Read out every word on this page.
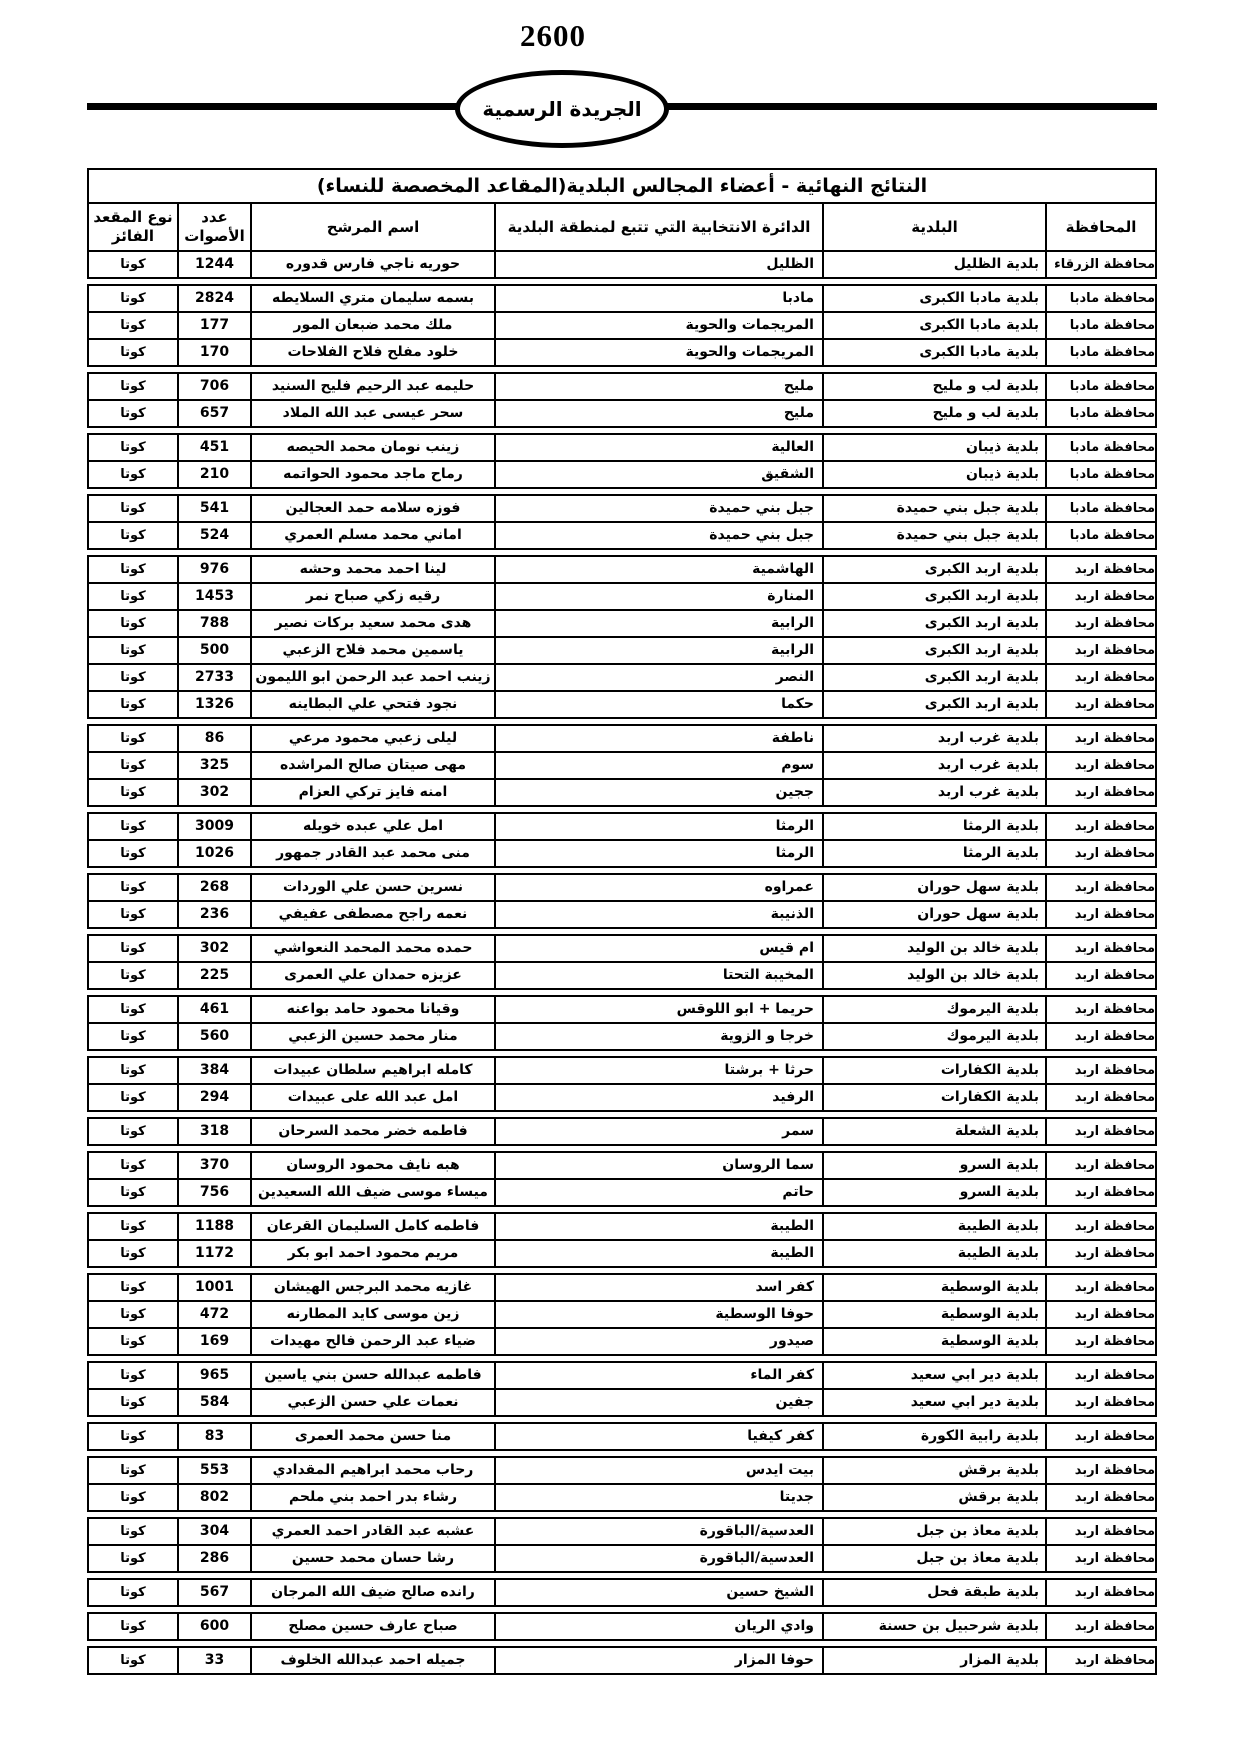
2600
الجريدة الرسمية
النتائج النهائية - أعضاء المجالس البلدية(المقاعد المخصصة للنساء)
المحافظة
البلدية
الدائرة الانتخابية التي تتبع لمنطقة البلدية
اسم المرشح
عدد الأصوات
نوع المقعد الفائز
محافظة الزرقاء
بلدية الظليل
الظليل
حوريه ناجي فارس قدوره
1244
كوتا
محافظة مادبا
بلدية مادبا الكبرى
مادبا
بسمه سليمان متري السلايطه
2824
كوتا
محافظة مادبا
بلدية مادبا الكبرى
المريجمات والحوية
ملك محمد ضبعان المور
177
كوتا
محافظة مادبا
بلدية مادبا الكبرى
المريجمات والحوية
خلود مفلح فلاح الفلاحات
170
كوتا
محافظة مادبا
بلدية لب و مليح
مليح
حليمه عبد الرحيم فليح السنيد
706
كوتا
محافظة مادبا
بلدية لب و مليح
مليح
سحر عيسى عبد الله الملاد
657
كوتا
محافظة مادبا
بلدية ذيبان
العالية
زينب نومان محمد الحيصه
451
كوتا
محافظة مادبا
بلدية ذيبان
الشقيق
رماح ماجد محمود الحواتمه
210
كوتا
محافظة مادبا
بلدية جبل بني حميدة
جبل بني حميدة
فوزه سلامه حمد العجالين
541
كوتا
محافظة مادبا
بلدية جبل بني حميدة
جبل بني حميدة
اماني محمد مسلم العمري
524
كوتا
محافظة اربد
بلدية اربد الكبرى
الهاشمية
لينا احمد محمد وحشه
976
كوتا
محافظة اربد
بلدية اربد الكبرى
المنارة
رقيه زكي صباح نمر
1453
كوتا
محافظة اربد
بلدية اربد الكبرى
الرابية
هدى محمد سعيد بركات نصير
788
كوتا
محافظة اربد
بلدية اربد الكبرى
الرابية
ياسمين محمد فلاح الزعبي
500
كوتا
محافظة اربد
بلدية اربد الكبرى
النصر
زينب احمد عبد الرحمن ابو الليمون
2733
كوتا
محافظة اربد
بلدية اربد الكبرى
حكما
نجود فتحي علي البطاينه
1326
كوتا
محافظة اربد
بلدية غرب اربد
ناطفة
ليلى زعبي محمود مرعي
86
كوتا
محافظة اربد
بلدية غرب اربد
سوم
مهى صيتان صالح المراشده
325
كوتا
محافظة اربد
بلدية غرب اربد
ججين
امنه فايز تركي العزام
302
كوتا
محافظة اربد
بلدية الرمثا
الرمثا
امل علي عبده خويله
3009
كوتا
محافظة اربد
بلدية الرمثا
الرمثا
منى محمد عبد القادر جمهور
1026
كوتا
محافظة اربد
بلدية سهل حوران
عمراوه
نسرين حسن علي الوردات
268
كوتا
محافظة اربد
بلدية سهل حوران
الذنيبة
نعمه راجح مصطفى عفيفي
236
كوتا
محافظة اربد
بلدية خالد بن الوليد
ام قيس
حمده محمد المحمد النعواشي
302
كوتا
محافظة اربد
بلدية خالد بن الوليد
المخيبة التحتا
عزيزه حمدان علي العمرى
225
كوتا
محافظة اربد
بلدية اليرموك
حريما + ابو اللوقس
وقيانا محمود حامد بواعنه
461
كوتا
محافظة اربد
بلدية اليرموك
خرجا و الزوية
منار محمد حسين الزعبي
560
كوتا
محافظة اربد
بلدية الكفارات
حرثا + برشتا
كامله ابراهيم سلطان عبيدات
384
كوتا
محافظة اربد
بلدية الكفارات
الرفيد
امل عبد الله على عبيدات
294
كوتا
محافظة اربد
بلدية الشعلة
سمر
فاطمه خضر محمد السرحان
318
كوتا
محافظة اربد
بلدية السرو
سما الروسان
هبه نايف محمود الروسان
370
كوتا
محافظة اربد
بلدية السرو
حاتم
ميساء موسى ضيف الله السعيدين
756
كوتا
محافظة اربد
بلدية الطيبة
الطيبة
فاطمه كامل السليمان القرعان
1188
كوتا
محافظة اربد
بلدية الطيبة
الطيبة
مريم محمود احمد ابو بكر
1172
كوتا
محافظة اربد
بلدية الوسطية
كفر اسد
غازيه محمد البرجس الهيشان
1001
كوتا
محافظة اربد
بلدية الوسطية
حوفا الوسطية
زين موسى كايد المطارنه
472
كوتا
محافظة اربد
بلدية الوسطية
صيدور
ضياء عبد الرحمن فالح مهيدات
169
كوتا
محافظة اربد
بلدية دير ابي سعيد
كفر الماء
فاطمه عبدالله حسن بني ياسين
965
كوتا
محافظة اربد
بلدية دير ابي سعيد
جفين
نعمات علي حسن الزعبي
584
كوتا
محافظة اربد
بلدية رابية الكورة
كفر كيفيا
منا حسن محمد العمرى
83
كوتا
محافظة اربد
بلدية برقش
بيت ايدس
رحاب محمد ابراهيم المقدادي
553
كوتا
محافظة اربد
بلدية برقش
جديتا
رشاء بدر احمد بني ملحم
802
كوتا
محافظة اربد
بلدية معاذ بن جبل
العدسية/الباقورة
عشبه عبد القادر احمد العمري
304
كوتا
محافظة اربد
بلدية معاذ بن جبل
العدسية/الباقورة
رشا حسان محمد حسين
286
كوتا
محافظة اربد
بلدية طبقة فحل
الشيخ حسين
رانده صالح ضيف الله المرجان
567
كوتا
محافظة اربد
بلدية شرحبيل بن حسنة
وادي الريان
صباح عارف حسين مصلح
600
كوتا
محافظة اربد
بلدية المزار
حوفا المزار
جميله احمد عبدالله الخلوف
33
كوتا
